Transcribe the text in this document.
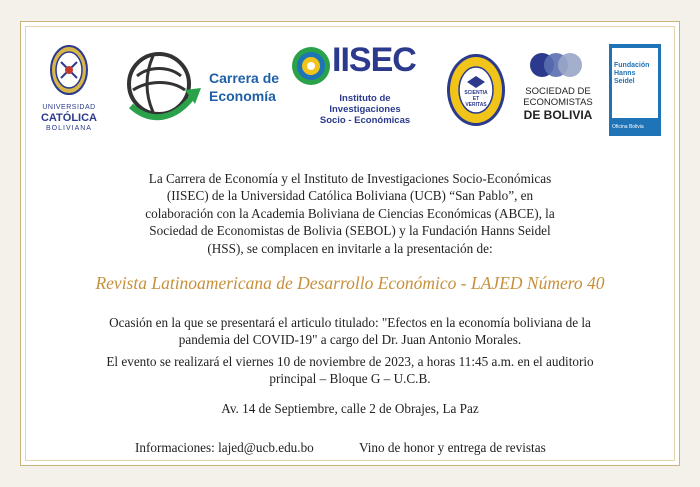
UNIVERSIDAD
CATÓLICA
BOLIVIANA
Carrera de
Economía
IISEC
Instituto de
Investigaciones
Socio - Económicas
SCIENTIA
ET
VERITAS
SOCIEDAD DE
ECONOMISTAS
DE BOLIVIA
Fundación
Hanns
Seidel
Oficina Bolivia
La Carrera de Economía y el Instituto de Investigaciones Socio-Económicas
(IISEC) de la Universidad Católica Boliviana (UCB) “San Pablo”, en
colaboración con la Academia Boliviana de Ciencias Económicas (ABCE), la
Sociedad de Economistas de Bolivia (SEBOL) y la Fundación Hanns Seidel
(HSS), se complacen en invitarle a la presentación de:
Revista Latinoamericana de Desarrollo Económico - LAJED Número 40
Ocasión en la que se presentará el articulo titulado: "Efectos en la economía boliviana de la
pandemia del COVID-19" a cargo del Dr. Juan Antonio Morales.
El evento se realizará el viernes 10 de noviembre de 2023, a horas 11:45 a.m. en el auditorio
principal – Bloque G – U.C.B.
Av. 14 de Septiembre, calle 2 de Obrajes, La Paz
Informaciones: lajed@ucb.edu.bo	Vino de honor y entrega de revistas
